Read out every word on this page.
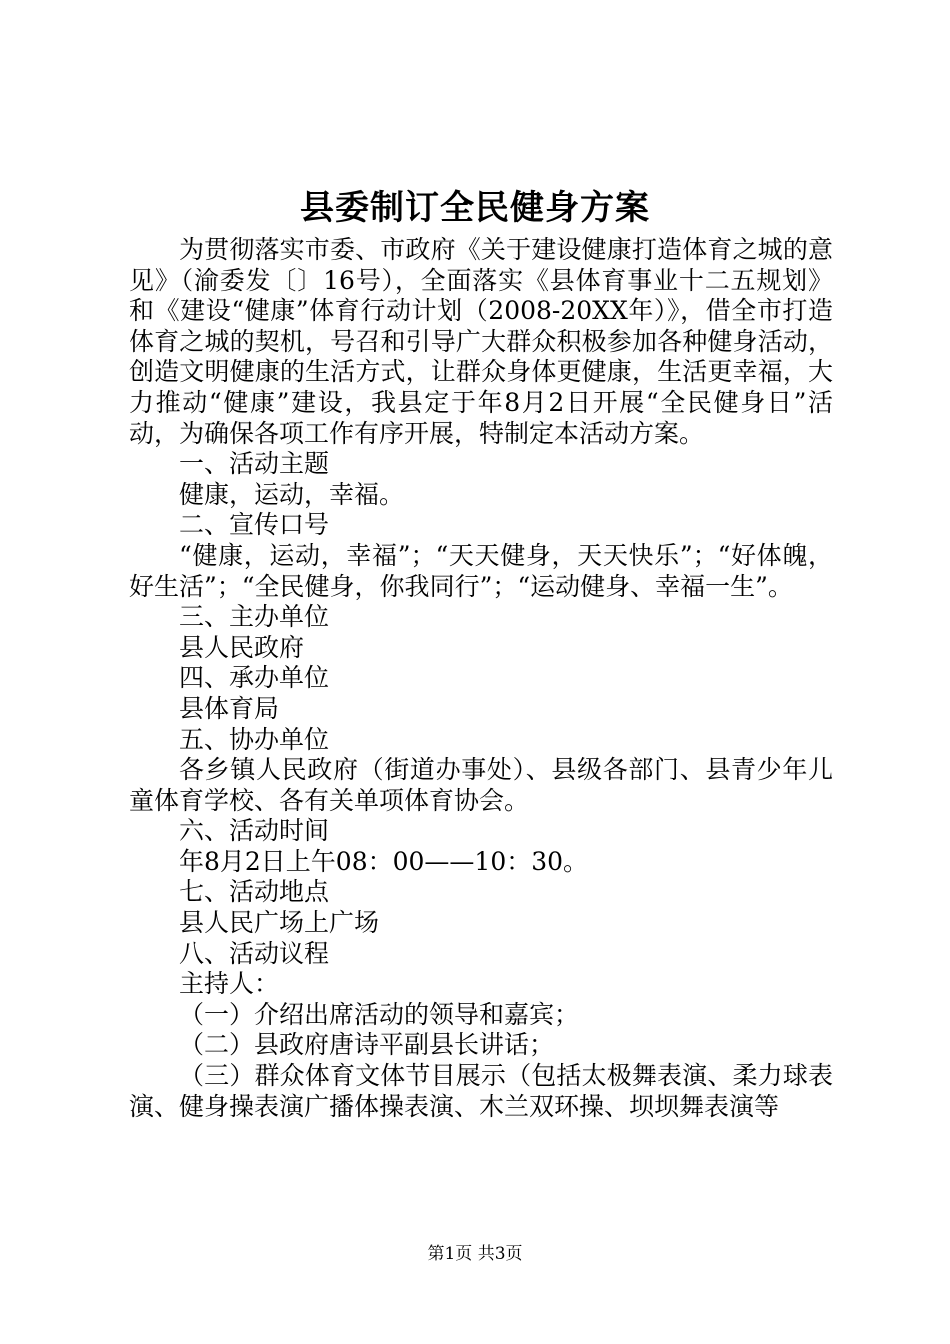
县委制订全民健身方案

为贯彻落实市委、市政府《关于建设健康打造体育之城的意见》（渝委发〔〕16号），全面落实《县体育事业十二五规划》和《建设“健康”体育行动计划（2008-20XX年）》，借全市打造体育之城的契机，号召和引导广大群众积极参加各种健身活动，创造文明健康的生活方式，让群众身体更健康，生活更幸福，大力推动“健康”建设，我县定于年8月2日开展“全民健身日”活动，为确保各项工作有序开展，特制定本活动方案。

一、活动主题

健康，运动，幸福。

二、宣传口号

“健康，运动，幸福”；“天天健身，天天快乐”；“好体魄，好生活”；“全民健身，你我同行”；“运动健身、幸福一生”。

三、主办单位

县人民政府

四、承办单位

县体育局

五、协办单位

各乡镇人民政府（街道办事处）、县级各部门、县青少年儿童体育学校、各有关单项体育协会。

六、活动时间

年8月2日上午08：00——10：30。

七、活动地点

县人民广场上广场

八、活动议程

主持人：

（一）介绍出席活动的领导和嘉宾；

（二）县政府唐诗平副县长讲话；

（三）群众体育文体节目展示（包括太极舞表演、柔力球表演、健身操表演广播体操表演、木兰双环操、坝坝舞表演等

第1页 共3页
